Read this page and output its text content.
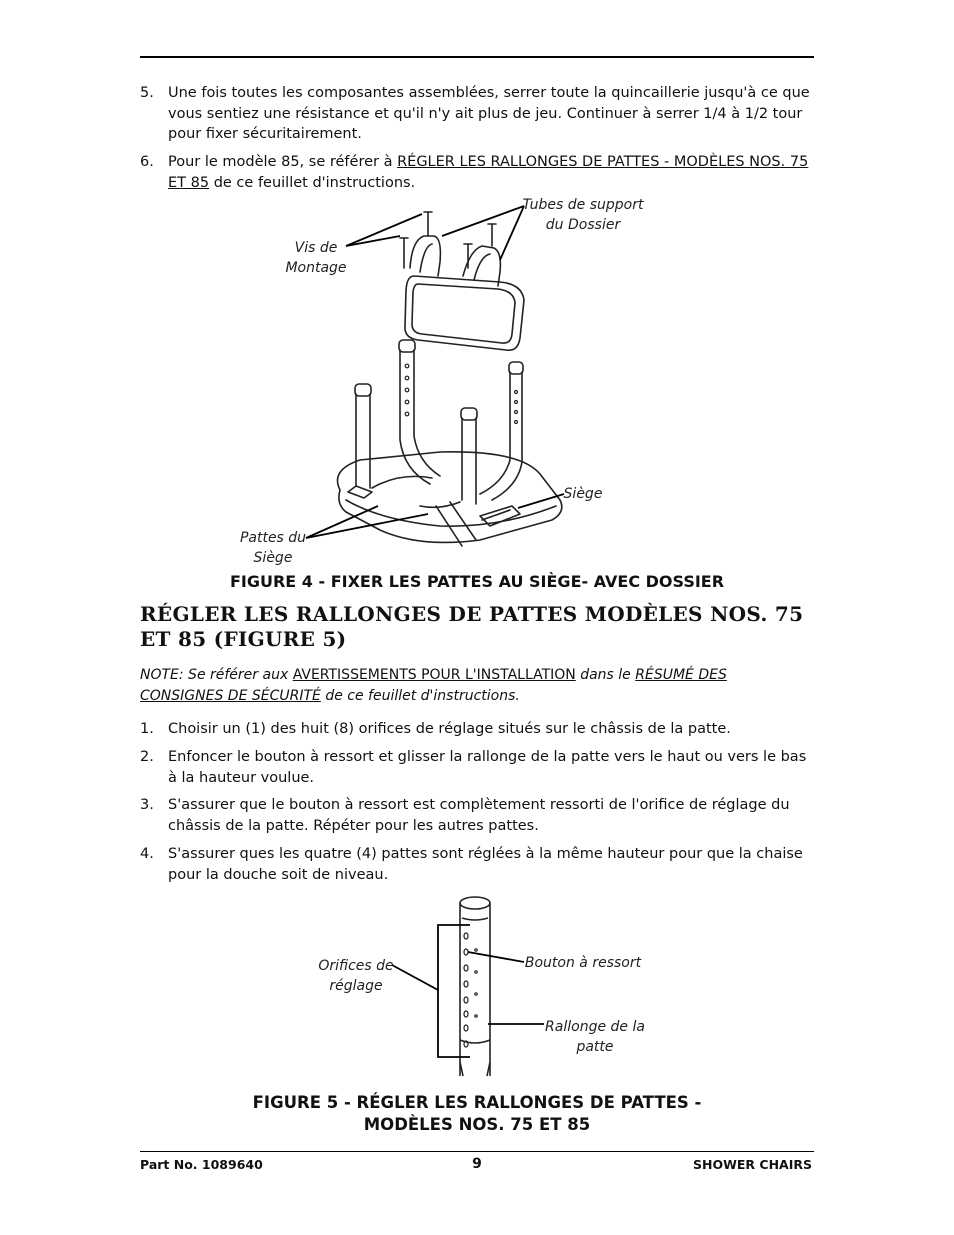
5. Une fois toutes les composantes assemblées, serrer toute la quincaillerie jusqu'à ce que vous sentiez une résistance et qu'il n'y ait plus de jeu. Continuer à serrer 1/4 à 1/2 tour pour fixer sécuritairement.
6. Pour le modèle 85, se référer à RÉGLER LES RALLONGES DE PATTES - MODÈLES NOS. 75 ET 85 de ce feuillet d'instructions.
Vis de
Montage
Tubes de support
du Dossier
Siège
Pattes du
Siège
FIGURE 4 - FIXER LES PATTES AU SIÈGE- AVEC DOSSIER
RÉGLER LES RALLONGES DE PATTES MODÈLES NOS. 75 ET 85 (FIGURE 5)
NOTE: Se référer aux AVERTISSEMENTS POUR L'INSTALLATION dans le RÉSUMÉ DES CONSIGNES DE SÉCURITÉ de ce feuillet d'instructions.
1. Choisir un (1) des huit (8) orifices de réglage situés sur le châssis de la patte.
2. Enfoncer le bouton à ressort et glisser la rallonge de la patte vers le haut ou vers le bas à la hauteur voulue.
3. S'assurer que le bouton à ressort est complètement ressorti de l'orifice de réglage du châssis de la patte. Répéter pour les autres pattes.
4. S'assurer ques les quatre (4) pattes sont réglées à la même hauteur pour que la chaise pour la douche soit de niveau.
Orifices de
réglage
Bouton à ressort
Rallonge de la
patte
FIGURE 5 - RÉGLER LES RALLONGES DE PATTES -
MODÈLES NOS. 75 ET 85
Part No. 1089640	9	SHOWER CHAIRS
